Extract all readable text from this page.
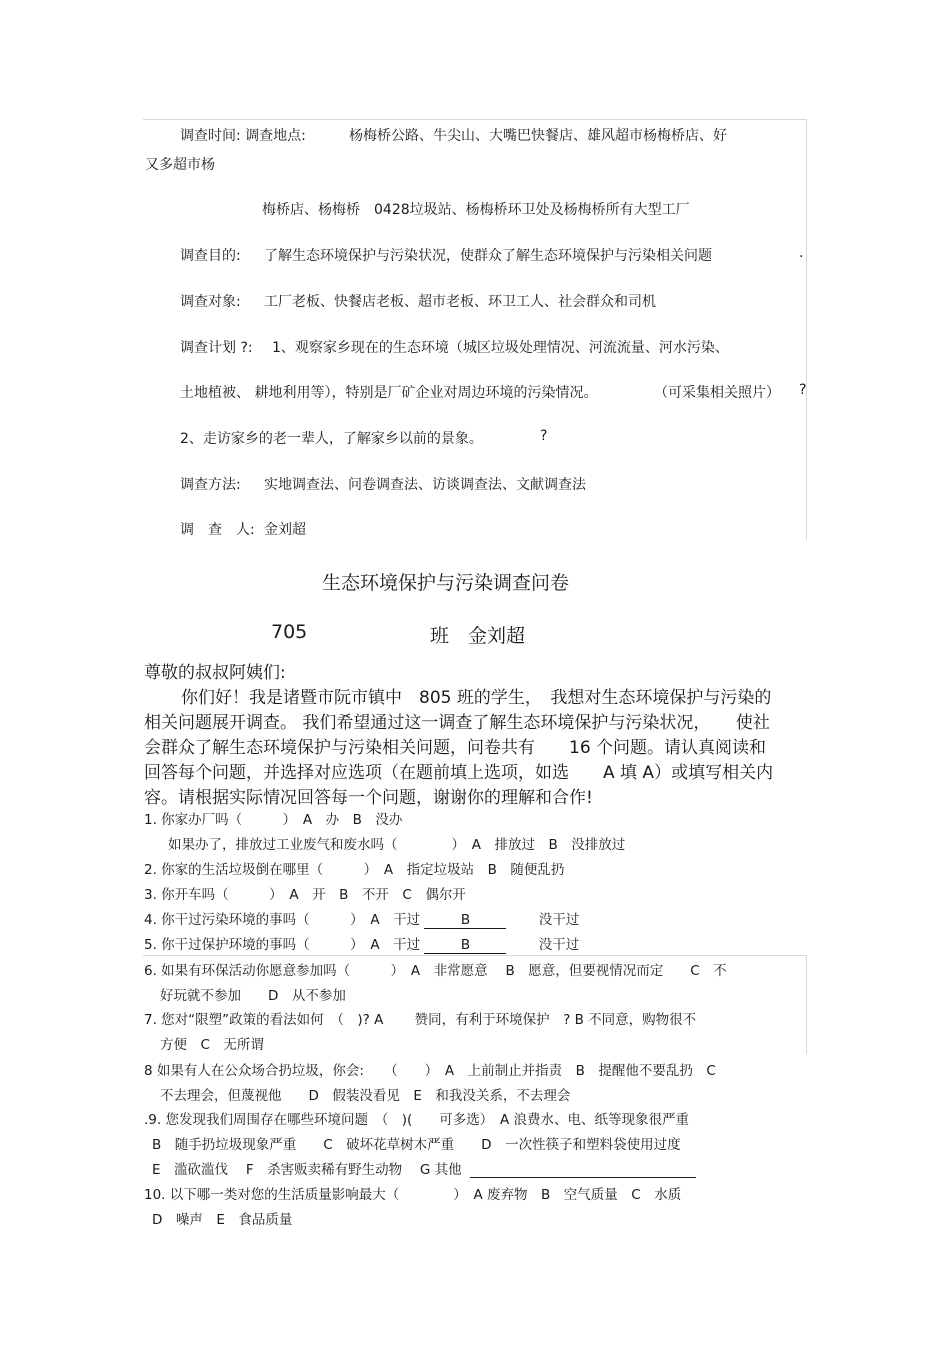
调查时间: 调查地点:	杨梅桥公路、牛尖山、大嘴巴快餐店、雄风超市杨梅桥店、好
又多超市杨
梅桥店、杨梅桥　0428垃圾站、杨梅桥环卫处及杨梅桥所有大型工厂
调查目的: 了解生态环境保护与污染状况，使群众了解生态环境保护与污染相关问题	.
调查对象: 工厂老板、快餐店老板、超市老板、环卫工人、社会群众和司机
调查计划 ?: 1、观察家乡现在的生态环境（城区垃圾处理情况、河流流量、河水污染、
土地植被、 耕地利用等），特别是厂矿企业对周边环境的污染情况。	（可采集相关照片） ?
2、走访家乡的老一辈人，了解家乡以前的景象。	?
调查方法: 实地调查法、问卷调查法、访谈调查法、文献调查法
调　查　人: 金刘超
生态环境保护与污染调查问卷
705	班　金刘超
尊敬的叔叔阿姨们:
你们好！我是诸暨市阮市镇中　805 班的学生，　我想对生态环境保护与污染的
相关问题展开调查。 我们希望通过这一调查了解生态环境保护与污染状况，　　使社
会群众了解生态环境保护与污染相关问题，问卷共有　　16 个问题。请认真阅读和
回答每个问题，并选择对应选项（在题前填上选项，如选　　A 填 A）或填写相关内
容。请根据实际情况回答每一个问题，谢谢你的理解和合作!
1. 你家办厂吗（　　　）　A　办　B　没办
如果办了，排放过工业废气和废水吗（　　　　）　A　排放过　B　没排放过
2. 你家的生活垃圾倒在哪里（　　　）　A　指定垃圾站　B　随便乱扔
3. 你开车吗（　　　）　A　开　B　不开　C　偶尔开
4. 你干过污染环境的事吗（　　　）　A　干过	B	没干过
5. 你干过保护环境的事吗（　　　）　A　干过	B	没干过
6. 如果有环保活动你愿意参加吗（　　　）　A　非常愿意　 B　愿意，但要视情况而定　　C　不
好玩就不参加　　D　从不参加
7. 您对“限塑”政策的看法如何　（　)? A　　 赞同，有利于环境保护　? B 不同意，购物很不
方便　C　无所谓
8 如果有人在公众场合扔垃圾，你会:　　（　　）　A　上前制止并指责　B　提醒他不要乱扔　C
不去理会，但蔑视他　　D　假装没看见　E　和我没关系，不去理会
.9. 您发现我们周围存在哪些环境问题　（　)(　　可多选）　A 浪费水、电、纸等现象很严重
B　随手扔垃圾现象严重　　C　破坏花草树木严重　　D　一次性筷子和塑料袋使用过度
E　滥砍滥伐　 F　杀害贩卖稀有野生动物　 G 其他
10. 以下哪一类对您的生活质量影响最大（　　　　）　A 废弃物　B　空气质量　C　水质
D　噪声　E　食品质量
